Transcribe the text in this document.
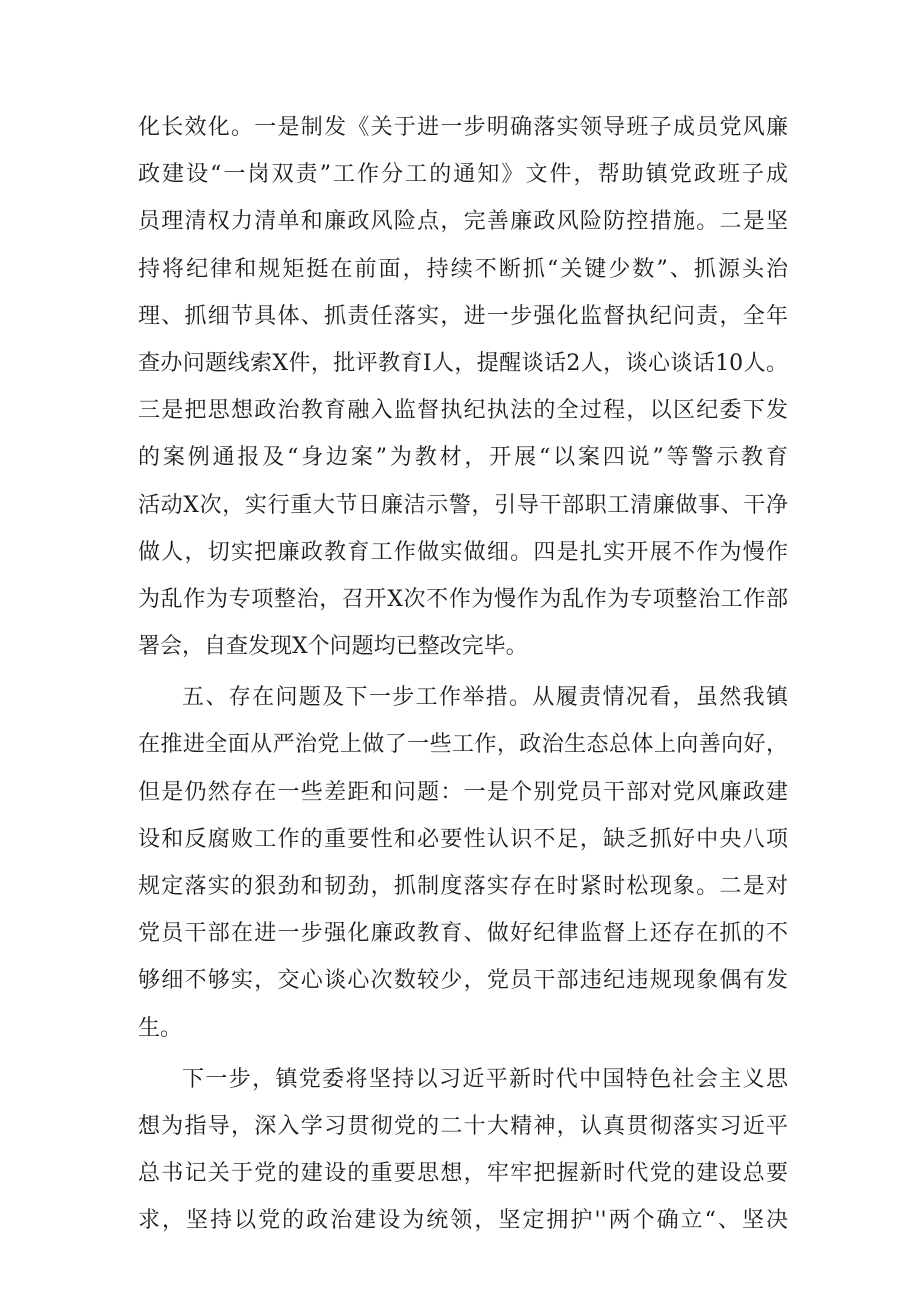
化长效化。一是制发《关于进一步明确落实领导班子成员党风廉
政建设“一岗双责”工作分工的通知》文件，帮助镇党政班子成
员理清权力清单和廉政风险点，完善廉政风险防控措施。二是坚
持将纪律和规矩挺在前面，持续不断抓“关键少数”、抓源头治
理、抓细节具体、抓责任落实，进一步强化监督执纪问责，全年
查办问题线索X件，批评教育I人，提醒谈话2人，谈心谈话10人。
三是把思想政治教育融入监督执纪执法的全过程，以区纪委下发
的案例通报及“身边案”为教材，开展“以案四说”等警示教育
活动X次，实行重大节日廉洁示警，引导干部职工清廉做事、干净
做人，切实把廉政教育工作做实做细。四是扎实开展不作为慢作
为乱作为专项整治，召开X次不作为慢作为乱作为专项整治工作部
署会，自查发现X个问题均已整改完毕。
五、存在问题及下一步工作举措。从履责情况看，虽然我镇
在推进全面从严治党上做了一些工作，政治生态总体上向善向好，
但是仍然存在一些差距和问题：一是个别党员干部对党风廉政建
设和反腐败工作的重要性和必要性认识不足，缺乏抓好中央八项
规定落实的狠劲和韧劲，抓制度落实存在时紧时松现象。二是对
党员干部在进一步强化廉政教育、做好纪律监督上还存在抓的不
够细不够实，交心谈心次数较少，党员干部违纪违规现象偶有发
生。
下一步，镇党委将坚持以习近平新时代中国特色社会主义思
想为指导，深入学习贯彻党的二十大精神，认真贯彻落实习近平
总书记关于党的建设的重要思想，牢牢把握新时代党的建设总要
求，坚持以党的政治建设为统领，坚定拥护''两个确立“、坚决
